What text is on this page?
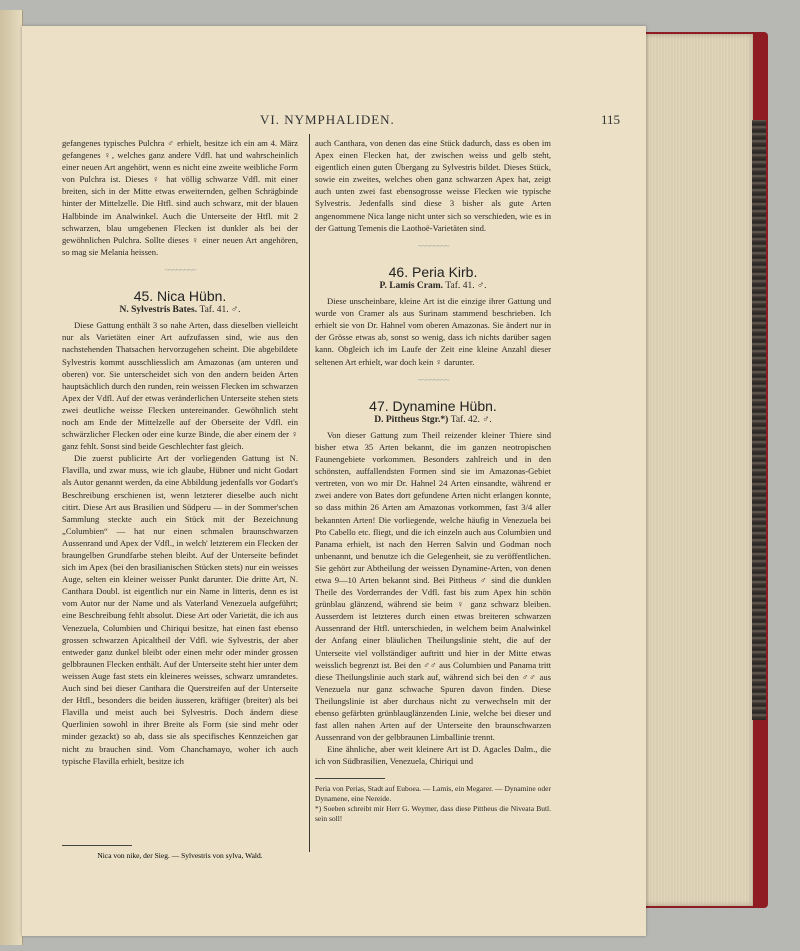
VI. NYMPHALIDEN.	115

gefangenes typisches Pulchra ♂ erhielt, besitze ich ein am 4. März gefangenes ♀, welches ganz andere Vdfl. hat und wahrscheinlich einer neuen Art angehört, wenn es nicht eine zweite weibliche Form von Pulchra ist. Dieses ♀ hat völlig schwarze Vdfl. mit einer breiten, sich in der Mitte etwas erweiternden, gelben Schrägbinde hinter der Mittelzelle. Die Htfl. sind auch schwarz, mit der blauen Halbbinde im Analwinkel. Auch die Unterseite der Htfl. mit 2 schwarzen, blau umgebenen Flecken ist dunkler als bei der gewöhnlichen Pulchra. Sollte dieses ♀ einer neuen Art angehören, so mag sie Melania heissen.

~~~~~~~~
45. Nica Hübn.
N. Sylvestris Bates. Taf. 41. ♂.

Diese Gattung enthält 3 so nahe Arten, dass dieselben vielleicht nur als Varietäten einer Art aufzufassen sind, wie aus den nachstehenden Thatsachen hervorzugehen scheint. Die abgebildete Sylvestris kommt ausschliesslich am Amazonas (am unteren und oberen) vor. Sie unterscheidet sich von den andern beiden Arten hauptsächlich durch den runden, rein weissen Flecken im schwarzen Apex der Vdfl. Auf der etwas veränderlichen Unterseite stehen stets zwei deutliche weisse Flecken untereinander. Gewöhnlich steht noch am Ende der Mittelzelle auf der Oberseite der Vdfl. ein schwärzlicher Flecken oder eine kurze Binde, die aber einem der ♀ ganz fehlt. Sonst sind beide Geschlechter fast gleich.

Die zuerst publicirte Art der vorliegenden Gattung ist N. Flavilla, und zwar muss, wie ich glaube, Hübner und nicht Godart als Autor genannt werden, da eine Abbildung jedenfalls vor Godart's Beschreibung erschienen ist, wenn letzterer dieselbe auch nicht citirt. Diese Art aus Brasilien und Südperu — in der Sommer'schen Sammlung steckte auch ein Stück mit der Bezeichnung „Columbien“ — hat nur einen schmalen braunschwarzen Aussenrand und Apex der Vdfl., in welch' letzterem ein Flecken der braungelben Grundfarbe stehen bleibt. Auf der Unterseite befindet sich im Apex (bei den brasilianischen Stücken stets) nur ein weisses Auge, selten ein kleiner weisser Punkt darunter. Die dritte Art, N. Canthara Doubl. ist eigentlich nur ein Name in litteris, denn es ist vom Autor nur der Name und als Vaterland Venezuela aufgeführt; eine Beschreibung fehlt absolut. Diese Art oder Varietät, die ich aus Venezuela, Columbien und Chiriqui besitze, hat einen fast ebenso grossen schwarzen Apicaltheil der Vdfl. wie Sylvestris, der aber entweder ganz dunkel bleibt oder einen mehr oder minder grossen gelbbraunen Flecken enthält. Auf der Unterseite steht hier unter dem weissen Auge fast stets ein kleineres weisses, schwarz umrandetes. Auch sind bei dieser Canthara die Querstreifen auf der Unterseite der Htfl., besonders die beiden äusseren, kräftiger (breiter) als bei Flavilla und meist auch bei Sylvestris. Doch ändern diese Querlinien sowohl in ihrer Breite als Form (sie sind mehr oder minder gezackt) so ab, dass sie als specifisches Kennzeichen gar nicht zu brauchen sind. Vom Chanchamayo, woher ich auch typische Flavilla erhielt, besitze ich

Nica von nike, der Sieg. — Sylvestris von sylva, Wald.

auch Canthara, von denen das eine Stück dadurch, dass es oben im Apex einen Flecken hat, der zwischen weiss und gelb steht, eigentlich einen guten Übergang zu Sylvestris bildet. Dieses Stück, sowie ein zweites, welches oben ganz schwarzen Apex hat, zeigt auch unten zwei fast ebensogrosse weisse Flecken wie typische Sylvestris. Jedenfalls sind diese 3 bisher als gute Arten angenommene Nica lange nicht unter sich so verschieden, wie es in der Gattung Temenis die Laothoë-Varietäten sind.

~~~~~~~~
46. Peria Kirb.
P. Lamis Cram. Taf. 41. ♂.

Diese unscheinbare, kleine Art ist die einzige ihrer Gattung und wurde von Cramer als aus Surinam stammend beschrieben. Ich erhielt sie von Dr. Hahnel vom oberen Amazonas. Sie ändert nur in der Grösse etwas ab, sonst so wenig, dass ich nichts darüber sagen kann. Obgleich ich im Laufe der Zeit eine kleine Anzahl dieser seltenen Art erhielt, war doch kein ♀ darunter.

~~~~~~~~
47. Dynamine Hübn.
D. Pittheus Stgr.*) Taf. 42. ♂.

Von dieser Gattung zum Theil reizender kleiner Thiere sind bisher etwa 35 Arten bekannt, die im ganzen neotropischen Faunengebiete vorkommen. Besonders zahlreich und in den schönsten, auffallendsten Formen sind sie im Amazonas-Gebiet vertreten, von wo mir Dr. Hahnel 24 Arten einsandte, während er zwei andere von Bates dort gefundene Arten nicht erlangen konnte, so dass mithin 26 Arten am Amazonas vorkommen, fast 3/4 aller bekannten Arten! Die vorliegende, welche häufig in Venezuela bei Pto Cabello etc. fliegt, und die ich einzeln auch aus Columbien und Panama erhielt, ist nach den Herren Salvin und Godman noch unbenannt, und benutze ich die Gelegenheit, sie zu veröffentlichen. Sie gehört zur Abtheilung der weissen Dynamine-Arten, von denen etwa 9—10 Arten bekannt sind. Bei Pittheus ♂ sind die dunklen Theile des Vorderrandes der Vdfl. fast bis zum Apex hin schön grünblau glänzend, während sie beim ♀ ganz schwarz bleiben. Ausserdem ist letzteres durch einen etwas breiteren schwarzen Aussenrand der Htfl. unterschieden, in welchem beim Analwinkel der Anfang einer bläulichen Theilungslinie steht, die auf der Unterseite viel vollständiger auftritt und hier in der Mitte etwas weisslich begrenzt ist. Bei den ♂♂ aus Columbien und Panama tritt diese Theilungslinie auch stark auf, während sich bei den ♂♂ aus Venezuela nur ganz schwache Spuren davon finden. Diese Theilungslinie ist aber durchaus nicht zu verwechseln mit der ebenso gefärbten grünblauglänzenden Linie, welche bei dieser und fast allen nahen Arten auf der Unterseite den braunschwarzen Aussenrand von der gelbbraunen Limballinie trennt.

Eine ähnliche, aber weit kleinere Art ist D. Agacles Dalm., die ich von Südbrasilien, Venezuela, Chiriqui und

Peria von Perias, Stadt auf Euboea. — Lamis, ein Megarer. — Dynamine oder Dynamene, eine Nereide.

*) Soeben schreibt mir Herr G. Weymer, dass diese Pittheus die Niveata Butl. sein soll!
